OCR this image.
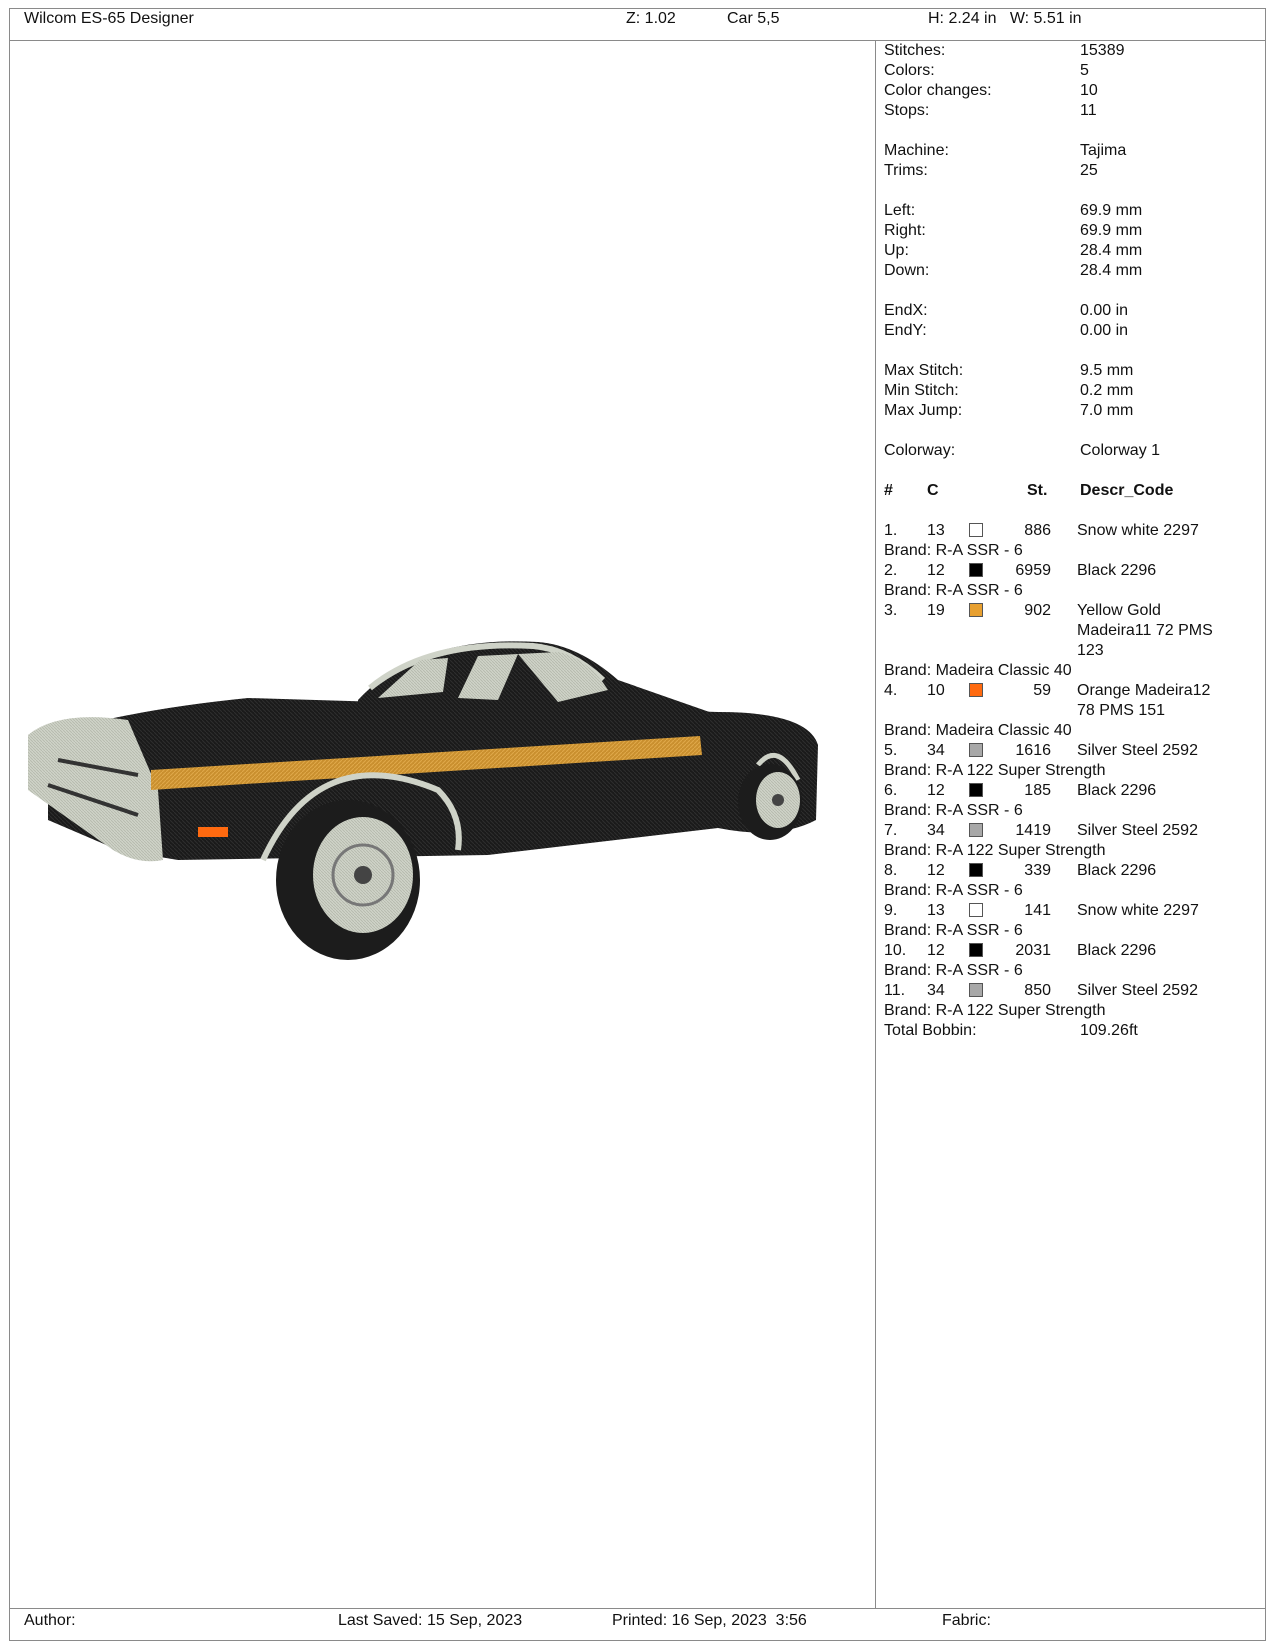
Wilcom ES-65 Designer	Z: 1.02	Car 5,5	H: 2.24 in   W: 5.51 in
Stitches:	15389
Colors:	5
Color changes:	10
Stops:	11
Machine:	Tajima
Trims:	25
Left:	69.9 mm
Right:	69.9 mm
Up:	28.4 mm
Down:	28.4 mm
EndX:	0.00 in
EndY:	0.00 in
Max Stitch:	9.5 mm
Min Stitch:	0.2 mm
Max Jump:	7.0 mm
Colorway:	Colorway 1
# C	St. Descr_Code
1. 13	886 Snow white 2297
Brand: R-A SSR - 6
2. 12	6959 Black 2296
Brand: R-A SSR - 6
3. 19	902 Yellow Gold Madeira11 72 PMS 123
Brand: Madeira Classic 40
4. 10	59 Orange Madeira12 78 PMS 151
Brand: Madeira Classic 40
5. 34	1616 Silver Steel 2592
Brand: R-A 122 Super Strength
6. 12	185 Black 2296
Brand: R-A SSR - 6
7. 34	1419 Silver Steel 2592
Brand: R-A 122 Super Strength
8. 12	339 Black 2296
Brand: R-A SSR - 6
9. 13	141 Snow white 2297
Brand: R-A SSR - 6
10. 12	2031 Black 2296
Brand: R-A SSR - 6
11. 34	850 Silver Steel 2592
Brand: R-A 122 Super Strength
Total Bobbin:	109.26ft
Author:	Last Saved: 15 Sep, 2023	Printed: 16 Sep, 2023  3:56	Fabric:
